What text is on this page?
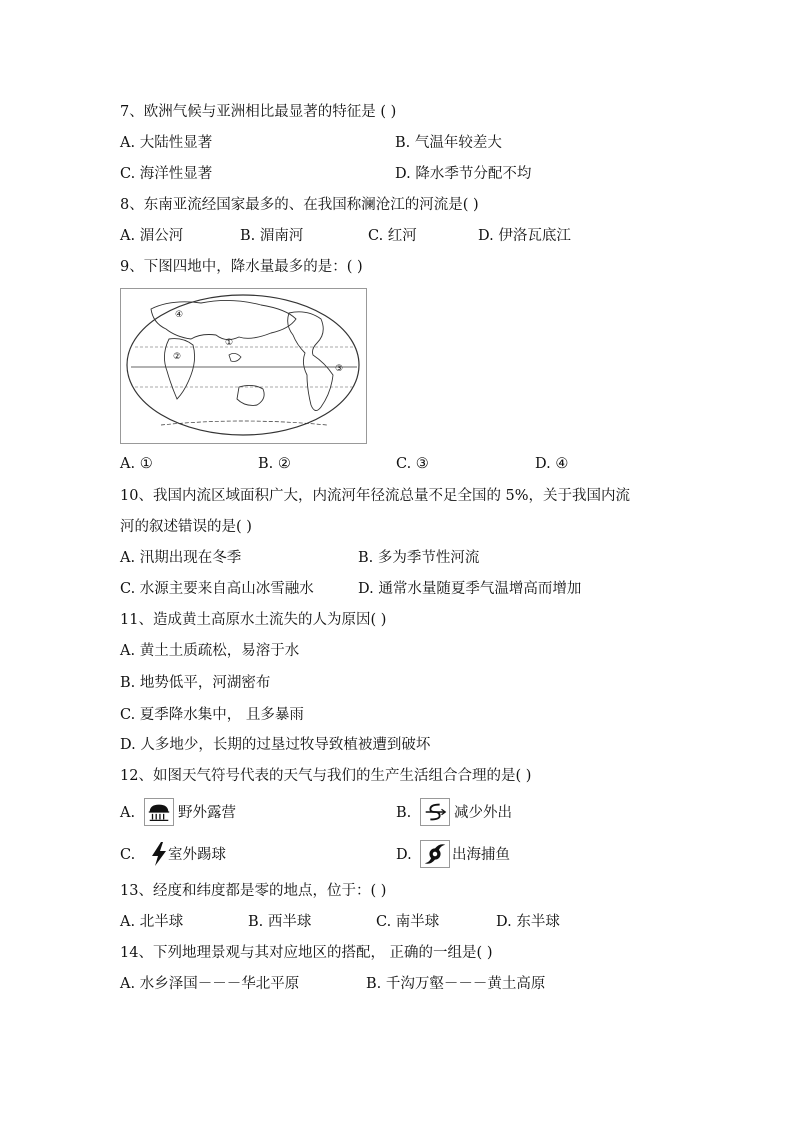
7、欧洲气候与亚洲相比最显著的特征是 ( )
A. 大陆性显著	B. 气温年较差大
C. 海洋性显著	D. 降水季节分配不均
8、东南亚流经国家最多的、在我国称澜沧江的河流是( )
A. 湄公河	B. 湄南河	C. 红河	D. 伊洛瓦底江
9、下图四地中，降水量最多的是：( )
④
②
①
③
A. ①	B. ②	C. ③	D. ④
10、我国内流区域面积广大，内流河年径流总量不足全国的 5%，关于我国内流
河的叙述错误的是( )
A. 汛期出现在冬季	B. 多为季节性河流
C. 水源主要来自高山冰雪融水	D. 通常水量随夏季气温增高而增加
11、造成黄土高原水土流失的人为原因( )
A. 黄土土质疏松，易溶于水
B. 地势低平，河湖密布
C. 夏季降水集中， 且多暴雨
D. 人多地少，长期的过垦过牧导致植被遭到破坏
12、如图天气符号代表的天气与我们的生产生活组合合理的是( )
A.	野外露营	B.	减少外出
C. 室外踢球	D.	出海捕鱼
13、经度和纬度都是零的地点，位于：( )
A. 北半球	B. 西半球	C. 南半球	D. 东半球
14、下列地理景观与其对应地区的搭配， 正确的一组是( )
A. 水乡泽国－－－华北平原	B. 千沟万壑－－－黄土高原
